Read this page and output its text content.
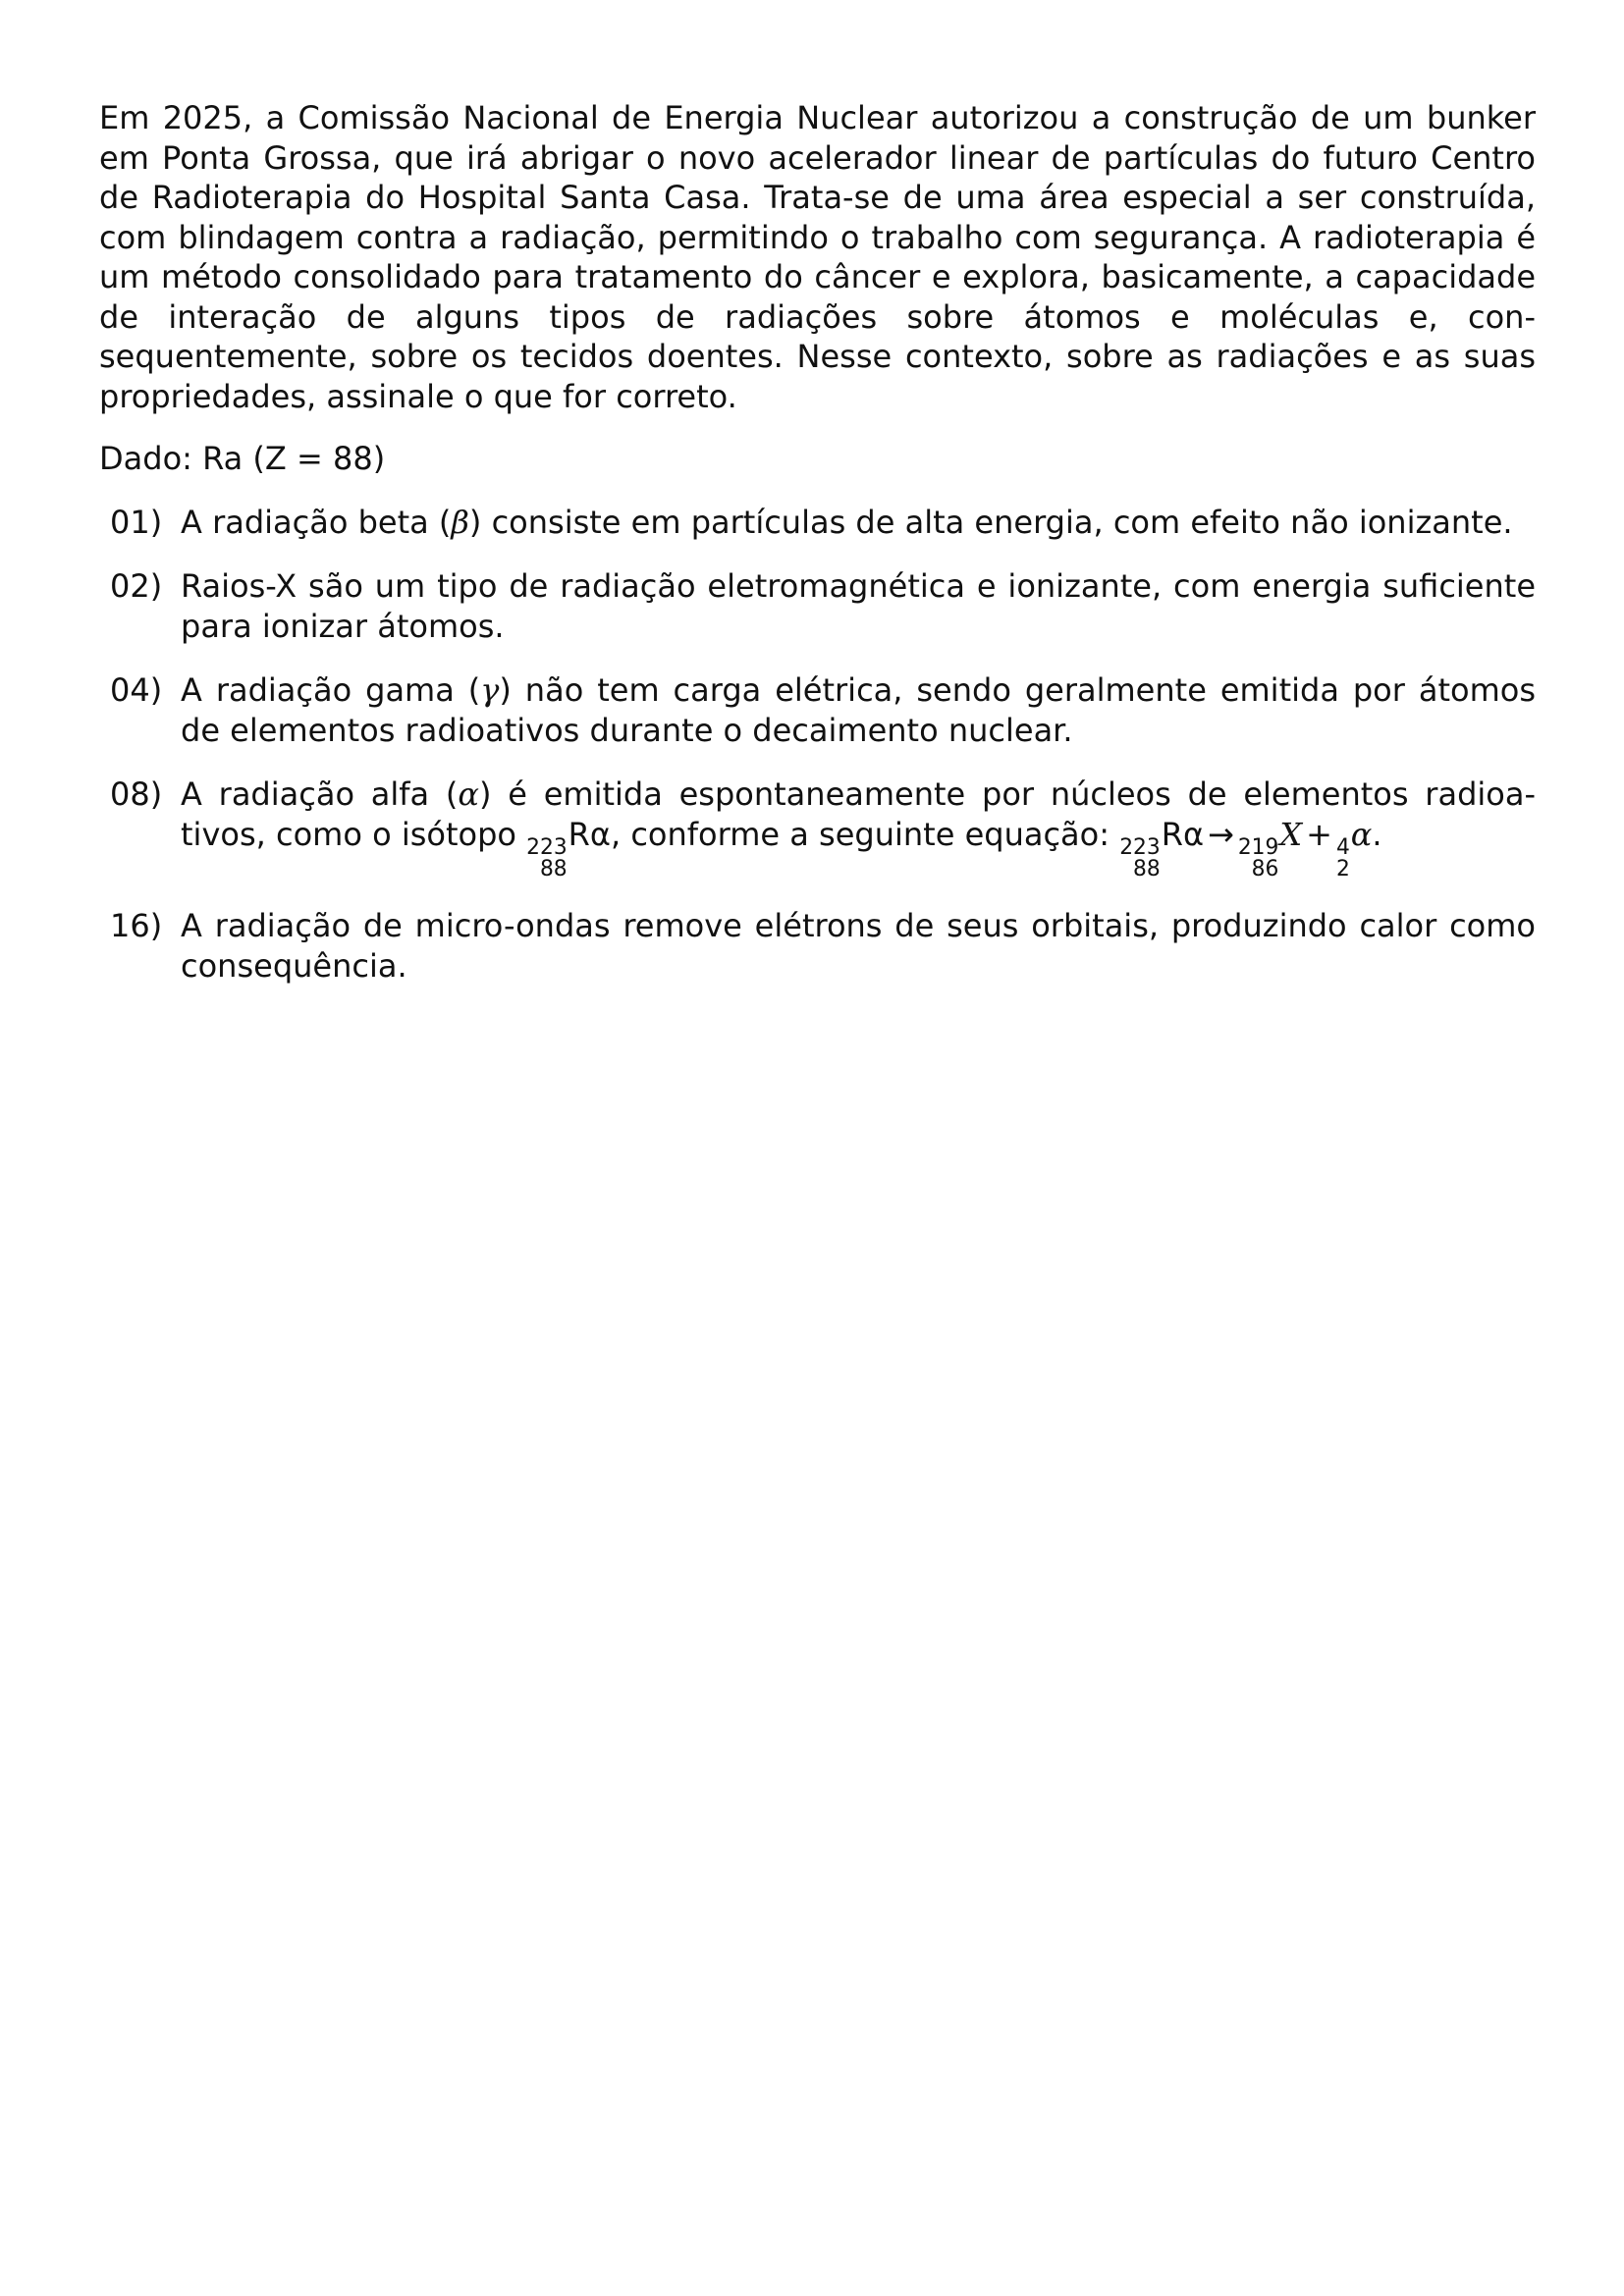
Em 2025, a Comissão Nacional de Energia Nuclear autorizou a construção de um bunker em Ponta Grossa, que irá abrigar o novo acelerador linear de partículas do futuro Centro de Radioterapia do Hospital Santa Casa. Trata-se de uma área especial a ser construída, com blindagem contra a radiação, permitindo o trabalho com segurança. A radioterapia é um método consolidado para tratamento do câncer e explora, basicamente, a capacidade de interação de alguns tipos de radiações sobre átomos e moléculas e, consequentemente, sobre os tecidos doentes. Nesse contexto, sobre as radiações e as suas propriedades, assinale o que for correto.

Dado: Ra (Z = 88)

01) A radiação beta (β) consiste em partículas de alta energia, com efeito não ionizante.
02) Raios-X são um tipo de radiação eletromagnética e ionizante, com energia suficiente para ionizar átomos.
04) A radiação gama (γ) não tem carga elétrica, sendo geralmente emitida por átomos de elementos radioativos durante o decaimento nuclear.
08) A radiação alfa (α) é emitida espontaneamente por núcleos de elementos radioativos, como o isótopo 223
88
Rα, conforme a seguinte equação: 223
88
Rα → 219
86
X + 4
2
α.
16) A radiação de micro-ondas remove elétrons de seus orbitais, produzindo calor como consequência.
